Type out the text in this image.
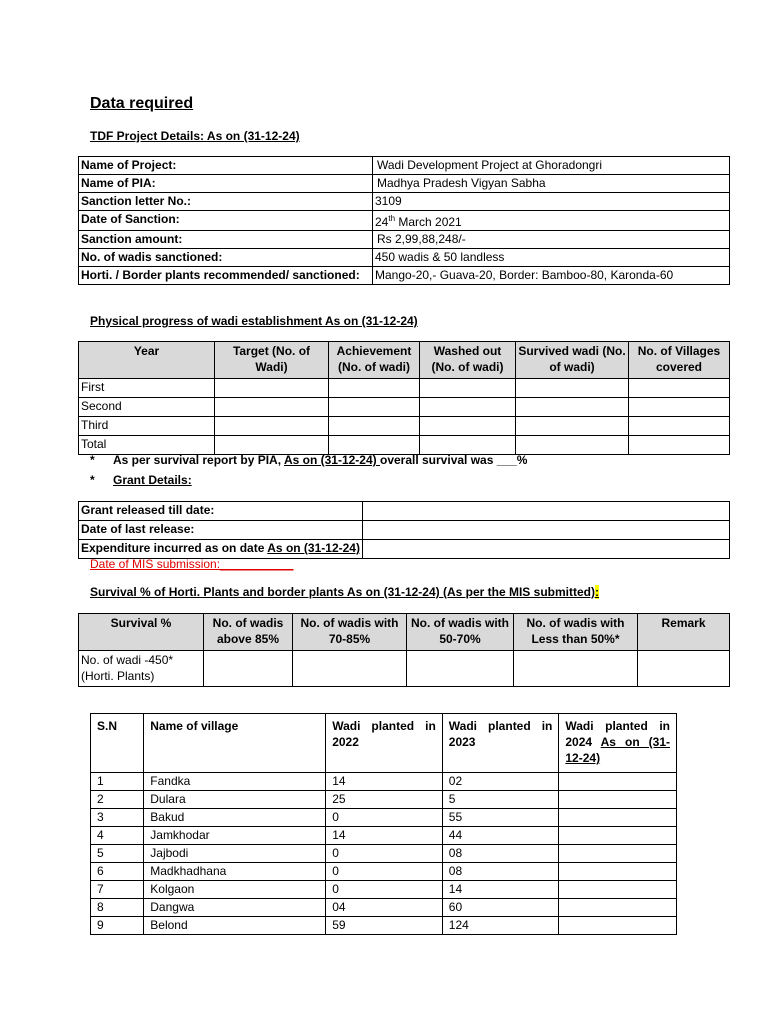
Data required
TDF Project Details: As on (31-12-24)
Name of Project:	Wadi Development Project at Ghoradongri
Name of PIA:	Madhya Pradesh Vigyan Sabha
Sanction letter No.:	3109
Date of Sanction:	24th March 2021
Sanction amount:	Rs 2,99,88,248/-
No. of wadis sanctioned:	450 wadis & 50 landless
Horti. / Border plants recommended/ sanctioned:	Mango-20,- Guava-20, Border: Bamboo-80, Karonda-60
Physical progress of wadi establishment As on (31-12-24)
Year	Target (No. of Wadi)	Achievement (No. of wadi)	Washed out (No. of wadi)	Survived wadi (No. of wadi)	No. of Villages covered
First					
Second					
Third					
Total					
* As per survival report by PIA, As on (31-12-24) overall survival was ___%
* Grant Details:
Grant released till date:	
Date of last release:	
Expenditure incurred as on date As on (31-12-24)	
Date of MIS submission:___________
Survival % of Horti. Plants and border plants As on (31-12-24) (As per the MIS submitted):
Survival %	No. of wadis above 85%	No. of wadis with 70-85%	No. of wadis with 50-70%	No. of wadis with Less than 50%*	Remark
No. of wadi -450* (Horti. Plants)					
S.N	Name of village	Wadi planted in 2022	Wadi planted in 2023	Wadi planted in 2024 As on (31-12-24)
1	Fandka	14	02	
2	Dulara	25	5	
3	Bakud	0	55	
4	Jamkhodar	14	44	
5	Jajbodi	0	08	
6	Madkhadhana	0	08	
7	Kolgaon	0	14	
8	Dangwa	04	60	
9	Belond	59	124	
